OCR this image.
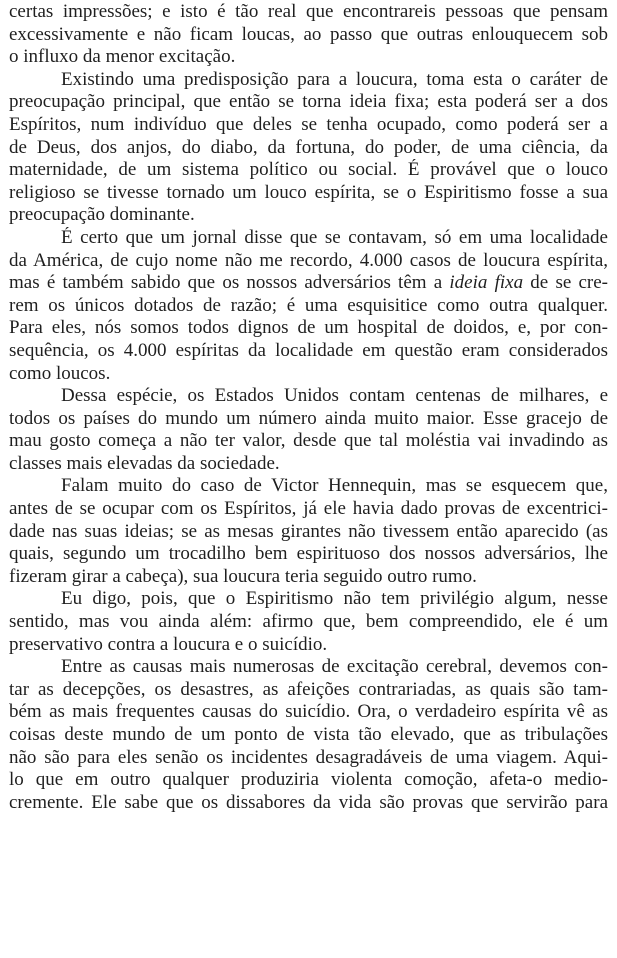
certas impressões; e isto é tão real que encontrareis pessoas que pensam
excessivamente e não ficam loucas, ao passo que outras enlouquecem sob
o influxo da menor excitação.
Existindo uma predisposição para a loucura, toma esta o caráter de
preocupação principal, que então se torna ideia fixa; esta poderá ser a dos
Espíritos, num indivíduo que deles se tenha ocupado, como poderá ser a
de Deus, dos anjos, do diabo, da fortuna, do poder, de uma ciência, da
maternidade, de um sistema político ou social. É provável que o louco
religioso se tivesse tornado um louco espírita, se o Espiritismo fosse a sua
preocupação dominante.
É certo que um jornal disse que se contavam, só em uma localidade
da América, de cujo nome não me recordo, 4.000 casos de loucura espírita,
mas é também sabido que os nossos adversários têm a ideia fixa de se cre-
rem os únicos dotados de razão; é uma esquisitice como outra qualquer.
Para eles, nós somos todos dignos de um hospital de doidos, e, por con-
sequência, os 4.000 espíritas da localidade em questão eram considerados
como loucos.
Dessa espécie, os Estados Unidos contam centenas de milhares, e
todos os países do mundo um número ainda muito maior. Esse gracejo de
mau gosto começa a não ter valor, desde que tal moléstia vai invadindo as
classes mais elevadas da sociedade.
Falam muito do caso de Victor Hennequin, mas se esquecem que,
antes de se ocupar com os Espíritos, já ele havia dado provas de excentrici-
dade nas suas ideias; se as mesas girantes não tivessem então aparecido (as
quais, segundo um trocadilho bem espirituoso dos nossos adversários, lhe
fizeram girar a cabeça), sua loucura teria seguido outro rumo.
Eu digo, pois, que o Espiritismo não tem privilégio algum, nesse
sentido, mas vou ainda além: afirmo que, bem compreendido, ele é um
preservativo contra a loucura e o suicídio.
Entre as causas mais numerosas de excitação cerebral, devemos con-
tar as decepções, os desastres, as afeições contrariadas, as quais são tam-
bém as mais frequentes causas do suicídio. Ora, o verdadeiro espírita vê as
coisas deste mundo de um ponto de vista tão elevado, que as tribulações
não são para eles senão os incidentes desagradáveis de uma viagem. Aqui-
lo que em outro qualquer produziria violenta comoção, afeta-o medio-
cremente. Ele sabe que os dissabores da vida são provas que servirão para
